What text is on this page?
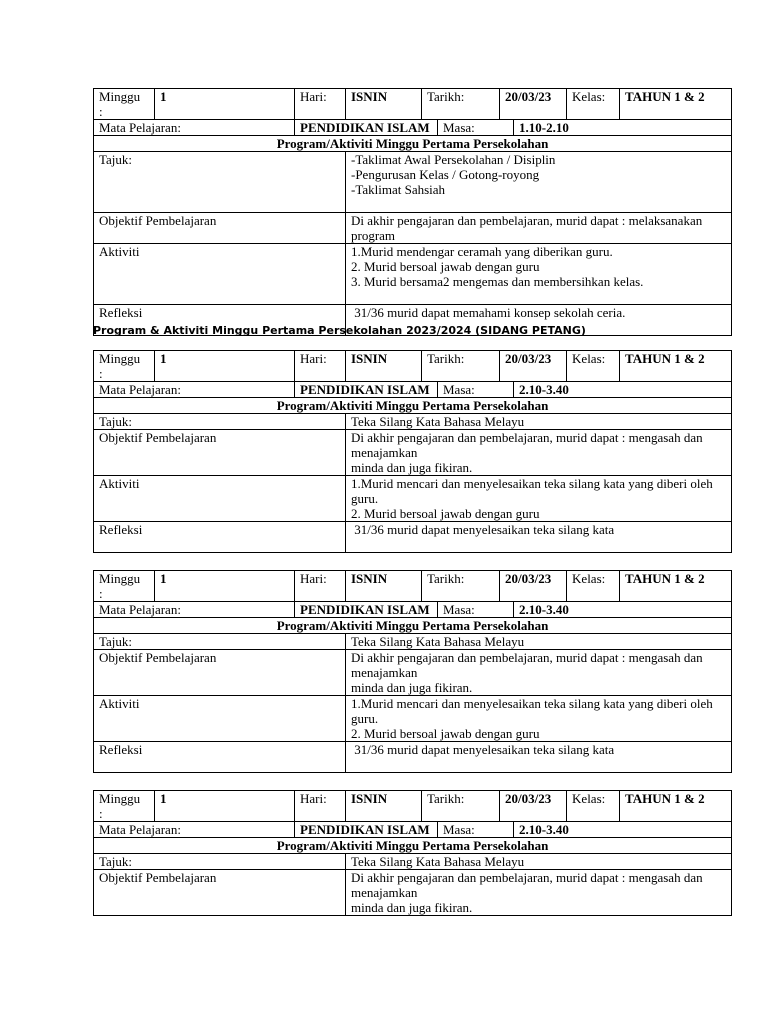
Minggu
:
	1	Hari:	ISNIN	Tarikh:	20/03/23	Kelas:	TAHUN 1 & 2

Mata Pelajaran:	PENDIDIKAN ISLAM	Masa:	1.10-2.10
Program/Aktiviti Minggu Pertama Persekolahan
Tajuk:	-Taklimat Awal Persekolahan / Disiplin
-Pengurusan Kelas / Gotong-royong
-Taklimat Sahsiah

Objektif Pembelajaran	Di akhir pengajaran dan pembelajaran, murid dapat : melaksanakan program
Aktiviti	1.Murid mendengar ceramah yang diberikan guru.
2. Murid bersoal jawab dengan guru
3. Murid bersama2 mengemas dan membersihkan kelas.

Refleksi	31/36 murid dapat memahami konsep sekolah ceria.
Program & Aktiviti Minggu Pertama Persekolahan 2023/2024 (SIDANG PETANG)
Minggu
:
	1	Hari:	ISNIN	Tarikh:	20/03/23	Kelas:	TAHUN 1 & 2

Mata Pelajaran:	PENDIDIKAN ISLAM	Masa:	2.10-3.40
Program/Aktiviti Minggu Pertama Persekolahan
Tajuk:	Teka Silang Kata Bahasa Melayu
Objektif Pembelajaran	Di akhir pengajaran dan pembelajaran, murid dapat : mengasah dan menajamkan
minda dan juga fikiran.

Aktiviti	1.Murid mencari dan menyelesaikan teka silang kata yang diberi oleh guru.
2. Murid bersoal jawab dengan guru

Refleksi	31/36 murid dapat menyelesaikan teka silang kata
Minggu
:
	1	Hari:	ISNIN	Tarikh:	20/03/23	Kelas:	TAHUN 1 & 2

Mata Pelajaran:	PENDIDIKAN ISLAM	Masa:	2.10-3.40
Program/Aktiviti Minggu Pertama Persekolahan
Tajuk:	Teka Silang Kata Bahasa Melayu
Objektif Pembelajaran	Di akhir pengajaran dan pembelajaran, murid dapat : mengasah dan menajamkan
minda dan juga fikiran.

Aktiviti	1.Murid mencari dan menyelesaikan teka silang kata yang diberi oleh guru.
2. Murid bersoal jawab dengan guru

Refleksi	31/36 murid dapat menyelesaikan teka silang kata
Minggu
:
	1	Hari:	ISNIN	Tarikh:	20/03/23	Kelas:	TAHUN 1 & 2

Mata Pelajaran:	PENDIDIKAN ISLAM	Masa:	2.10-3.40
Program/Aktiviti Minggu Pertama Persekolahan
Tajuk:	Teka Silang Kata Bahasa Melayu
Objektif Pembelajaran	Di akhir pengajaran dan pembelajaran, murid dapat : mengasah dan menajamkan
minda dan juga fikiran.
